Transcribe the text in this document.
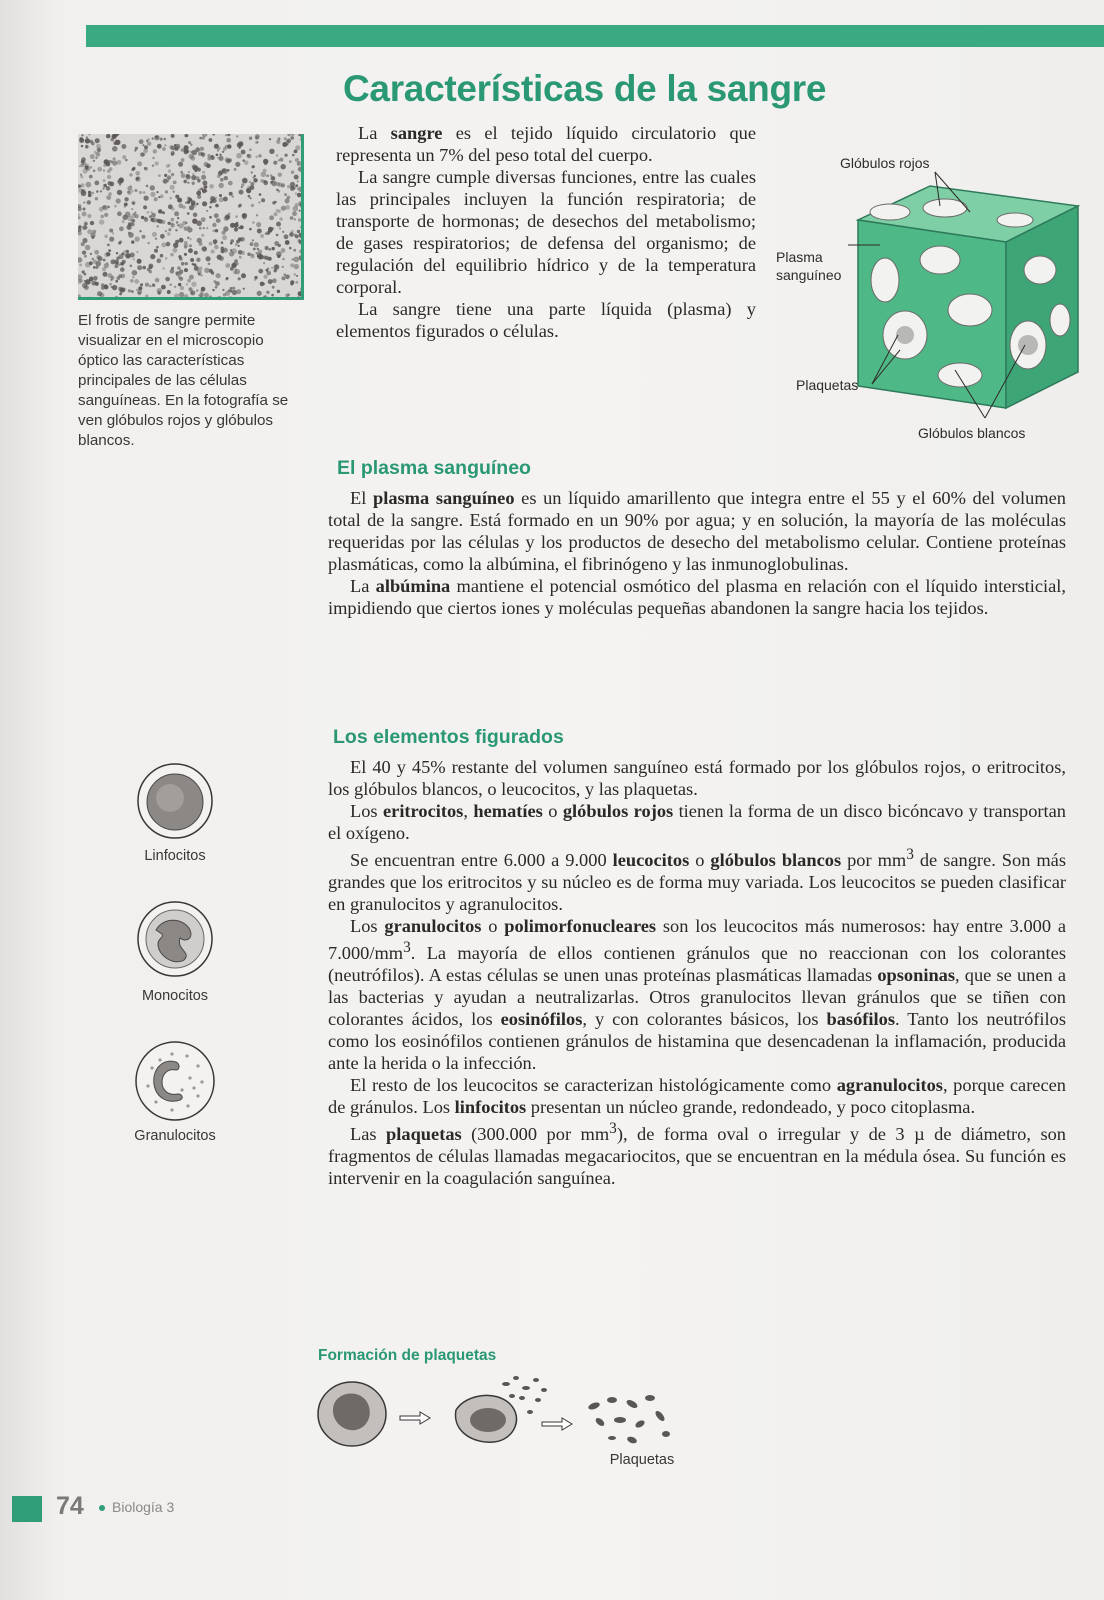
Características de la sangre
El frotis de sangre permite visualizar en el microscopio óptico las características principales de las células sanguíneas. En la fotografía se ven glóbulos rojos y glóbulos blancos.

La sangre es el tejido líquido circulatorio que representa un 7% del peso total del cuerpo.

La sangre cumple diversas funciones, entre las cuales las principales incluyen la función respiratoria; de transporte de hormonas; de desechos del metabolismo; de gases respiratorios; de defensa del organismo; de regulación del equilibrio hídrico y de la temperatura corporal.

La sangre tiene una parte líquida (plasma) y elementos figurados o células.

Glóbulos rojos
Plasma sanguíneo
Plaquetas
Glóbulos blancos
El plasma sanguíneo

El plasma sanguíneo es un líquido amarillento que integra entre el 55 y el 60% del volumen total de la sangre. Está formado en un 90% por agua; y en solución, la mayoría de las moléculas requeridas por las células y los productos de desecho del metabolismo celular. Contiene proteínas plasmáticas, como la albúmina, el fibrinógeno y las inmunoglobulinas.

La albúmina mantiene el potencial osmótico del plasma en relación con el líquido intersticial, impidiendo que ciertos iones y moléculas pequeñas abandonen la sangre hacia los tejidos.

Los elementos figurados

El 40 y 45% restante del volumen sanguíneo está formado por los glóbulos rojos, o eritrocitos, los glóbulos blancos, o leucocitos, y las plaquetas.

Los eritrocitos, hematíes o glóbulos rojos tienen la forma de un disco bicóncavo y transportan el oxígeno.

Se encuentran entre 6.000 a 9.000 leucocitos o glóbulos blancos por $mm^3$ de sangre. Son más grandes que los eritrocitos y su núcleo es de forma muy variada. Los leucocitos se pueden clasificar en granulocitos y agranulocitos.

Los granulocitos o polimorfonucleares son los leucocitos más numerosos: hay entre 3.000 a $7.000/mm^3$. La mayoría de ellos contienen gránulos que no reaccionan con los colorantes (neutrófilos). A estas células se unen unas proteínas plasmáticas llamadas opsoninas, que se unen a las bacterias y ayudan a neutralizarlas. Otros granulocitos llevan gránulos que se tiñen con colorantes ácidos, los eosinófilos, y con colorantes básicos, los basófilos. Tanto los neutrófilos como los eosinófilos contienen gránulos de histamina que desencadenan la inflamación, producida ante la herida o la infección.

El resto de los leucocitos se caracterizan histológicamente como agranulocitos, porque carecen de gránulos. Los linfocitos presentan un núcleo grande, redondeado, y poco citoplasma.

Las plaquetas (300.000 por $mm^3$), de forma oval o irregular y de 3 µ de diámetro, son fragmentos de células llamadas megacariocitos, que se encuentran en la médula ósea. Su función es intervenir en la coagulación sanguínea.

Linfocitos
Monocitos
Granulocitos
Formación de plaquetas
Plaquetas
74 Biología 3
